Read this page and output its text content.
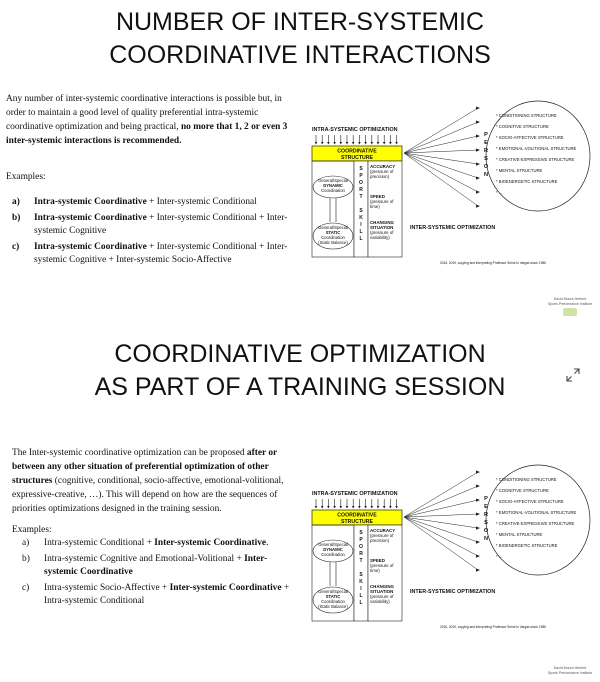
NUMBER OF INTER-SYSTEMIC
COORDINATIVE INTERACTIONS
Any number of inter-systemic coordinative interactions is possible but, in order to maintain a good level of quality preferential intra-systemic coordinative optimization and being practical, no more that 1, 2 or even 3 inter-systemic interactions is recommended.
Examples:
a) Intra-systemic Coordinative + Inter-systemic Conditional
b) Intra-systemic Coordinative + Inter-systemic Conditional + Inter-systemic Cognitive
c) Intra-systemic Coordinative + Inter-systemic Conditional + Inter-systemic Cognitive + Inter-systemic Socio-Affective
INTRA-SYSTEMIC OPTIMIZATION
COORDINATIVE
STRUCTURE
General/Special
DYNAMIC
Coordination
General/Special
STATIC
Coordination
(Static Balance)
S
P
O
R
T
S
K
I
L
L
ACCURACY
(pressure of
precision)
SPEED
(pressure of
time)
CHANGING
SITUATION
(pressure of
variability)
INTER-SYSTEMIC OPTIMIZATION
P
E
R
S
O
N
* CONDITIONING STRUCTURE
* COGNITIVE STRUCTURE
* SOCIO-AFFECTIVE STRUCTURE
* EMOTIONAL-VOLITIONAL STRUCTURE
* CREATIVE-EXPRESSIVE STRUCTURE
* MENTAL STRUCTURE
* BIOENERGETIC STRUCTURE
* ...
2016, 2019, copying and interpreting Professor Seirul·lo Vargas since 1986
David Moura Herbert
Sports Performance Institute
COORDINATIVE OPTIMIZATION
AS PART OF A TRAINING SESSION
The Inter-systemic coordinative optimization can be proposed after or between any other situation of preferential optimization of other structures (cognitive, conditional, socio-affective, emotional-volitional, expressive-creative, …). This will depend on how are the sequences of priorities optimizations designed in the training session.
Examples:
a) Intra-systemic Conditional + Inter-systemic Coordinative.
b) Intra-systemic Cognitive and Emotional-Volitional + Inter-systemic Coordinative
c) Intra-systemic Socio-Affective + Inter-systemic Coordinative + Intra-systemic Conditional
INTRA-SYSTEMIC OPTIMIZATION
COORDINATIVE
STRUCTURE
General/Special
DYNAMIC
Coordination
General/Special
STATIC
Coordination
(Static Balance)
S
P
O
R
T
S
K
I
L
L
ACCURACY
(pressure of
precision)
SPEED
(pressure of
time)
CHANGING
SITUATION
(pressure of
variability)
INTER-SYSTEMIC OPTIMIZATION
P
E
R
S
O
N
* CONDITIONING STRUCTURE
* COGNITIVE STRUCTURE
* SOCIO-AFFECTIVE STRUCTURE
* EMOTIONAL-VOLITIONAL STRUCTURE
* CREATIVE-EXPRESSIVE STRUCTURE
* MENTAL STRUCTURE
* BIOENERGETIC STRUCTURE
* ...
2016, 2019, copying and interpreting Professor Seirul·lo Vargas since 1986
David Moura Herbert
Sports Performance Institute
